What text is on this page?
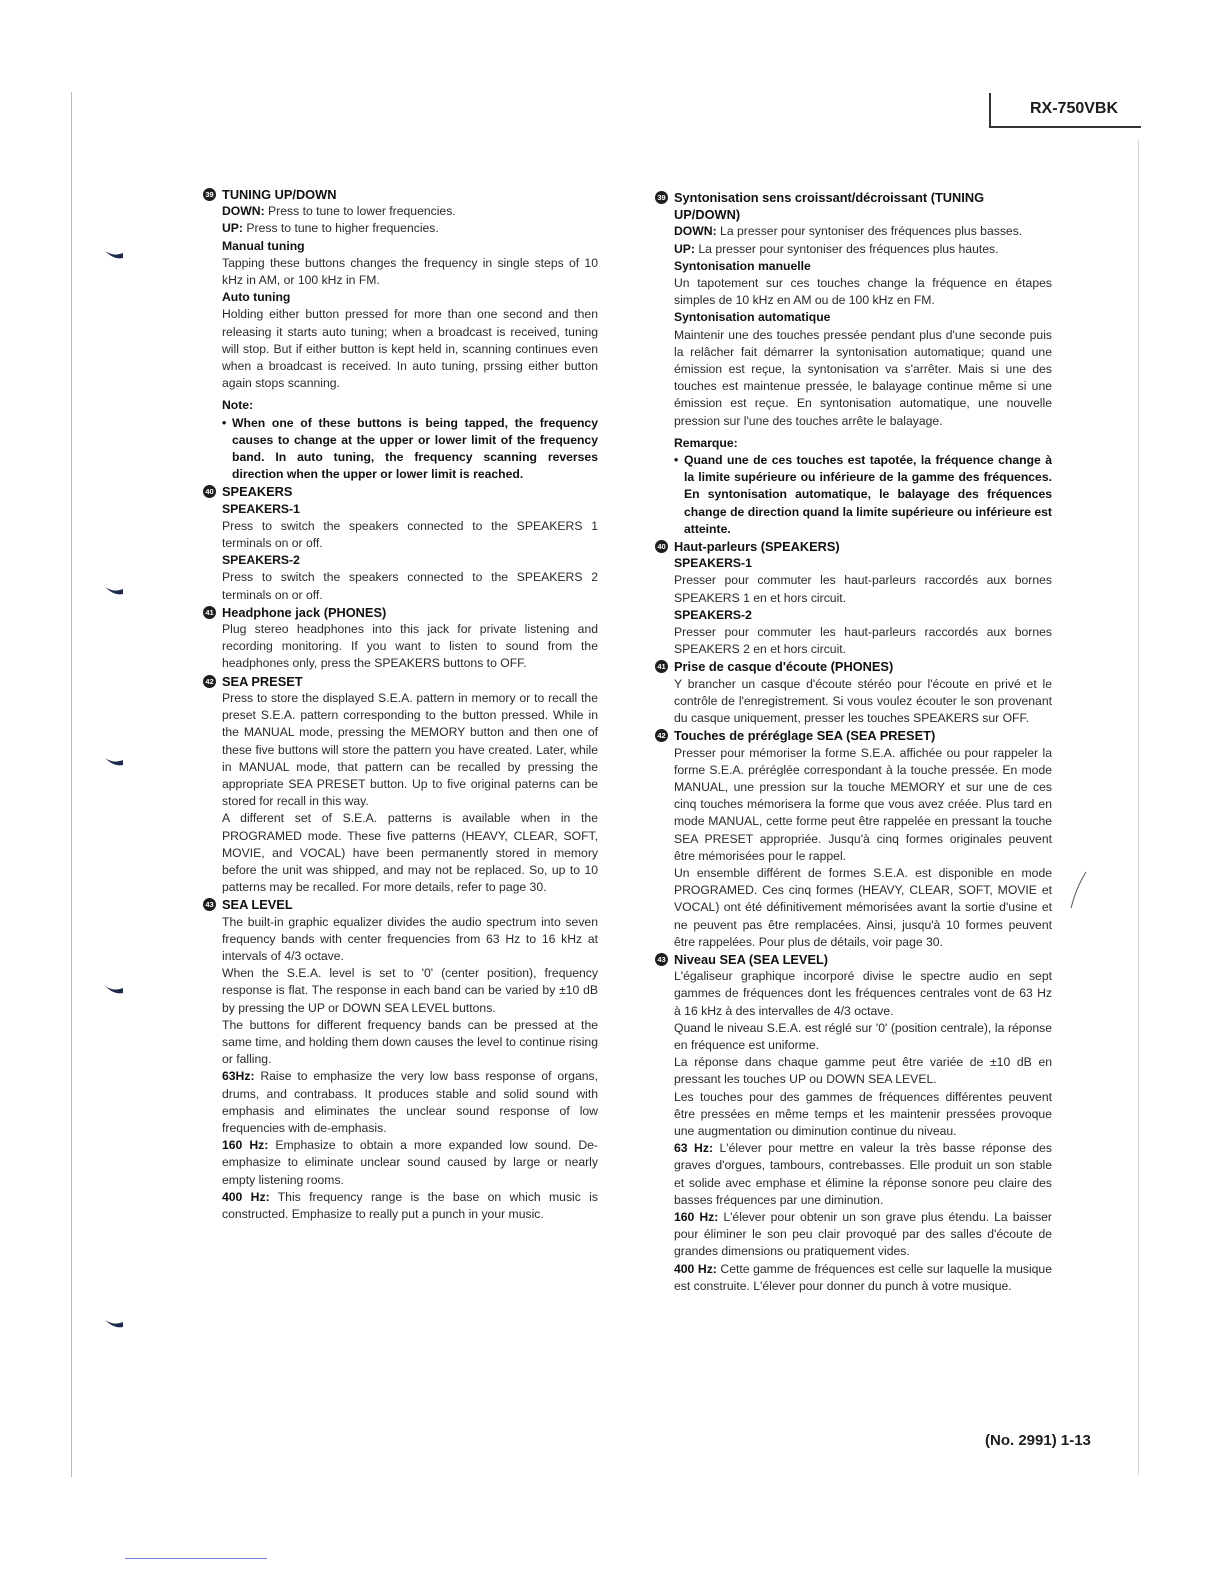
RX-750VBK
39 TUNING UP/DOWN

DOWN: Press to tune to lower frequencies.

UP: Press to tune to higher frequencies.

Manual tuning

Tapping these buttons changes the frequency in single steps of 10 kHz in AM, or 100 kHz in FM.

Auto tuning

Holding either button pressed for more than one second and then releasing it starts auto tuning; when a broadcast is received, tuning will stop. But if either button is kept held in, scanning continues even when a broadcast is received. In auto tuning, prssing either button again stops scanning.

Note:
• When one of these buttons is being tapped, the frequency causes to change at the upper or lower limit of the frequency band. In auto tuning, the frequency scanning reverses direction when the upper or lower limit is reached.
40 SPEAKERS
SPEAKERS-1

Press to switch the speakers connected to the SPEAKERS 1 terminals on or off.

SPEAKERS-2

Press to switch the speakers connected to the SPEAKERS 2 terminals on or off.

41 Headphone jack (PHONES)

Plug stereo headphones into this jack for private listening and recording monitoring. If you want to listen to sound from the headphones only, press the SPEAKERS buttons to OFF.

42 SEA PRESET

Press to store the displayed S.E.A. pattern in memory or to recall the preset S.E.A. pattern corresponding to the button pressed. While in the MANUAL mode, pressing the MEMORY button and then one of these five buttons will store the pattern you have created. Later, while in MANUAL mode, that pattern can be recalled by pressing the appropriate SEA PRESET button. Up to five original paterns can be stored for recall in this way.

A different set of S.E.A. patterns is available when in the PROGRAMED mode. These five patterns (HEAVY, CLEAR, SOFT, MOVIE, and VOCAL) have been permanently stored in memory before the unit was shipped, and may not be replaced. So, up to 10 patterns may be recalled. For more details, refer to page 30.

43 SEA LEVEL

The built-in graphic equalizer divides the audio spectrum into seven frequency bands with center frequencies from 63 Hz to 16 kHz at intervals of 4/3 octave.

When the S.E.A. level is set to '0' (center position), frequency response is flat. The response in each band can be varied by ±10 dB by pressing the UP or DOWN SEA LEVEL buttons.

The buttons for different frequency bands can be pressed at the same time, and holding them down causes the level to continue rising or falling.

63Hz: Raise to emphasize the very low bass response of organs, drums, and contrabass. It produces stable and solid sound with emphasis and eliminates the unclear sound response of low frequencies with de-emphasis.

160 Hz: Emphasize to obtain a more expanded low sound. De-emphasize to eliminate unclear sound caused by large or nearly empty listening rooms.

400 Hz: This frequency range is the base on which music is constructed. Emphasize to really put a punch in your music.

39 Syntonisation sens croissant/décroissant (TUNING UP/DOWN)

DOWN: La presser pour syntoniser des fréquences plus basses.

UP: La presser pour syntoniser des fréquences plus hautes.

Syntonisation manuelle

Un tapotement sur ces touches change la fréquence en étapes simples de 10 kHz en AM ou de 100 kHz en FM.

Syntonisation automatique

Maintenir une des touches pressée pendant plus d'une seconde puis la relâcher fait démarrer la syntonisation automatique; quand une émission est reçue, la syntonisation va s'arrêter. Mais si une des touches est maintenue pressée, le balayage continue même si une émission est reçue. En syntonisation automatique, une nouvelle pression sur l'une des touches arrête le balayage.

Remarque:
• Quand une de ces touches est tapotée, la fréquence change à la limite supérieure ou inférieure de la gamme des fréquences. En syntonisation automatique, le balayage des fréquences change de direction quand la limite supérieure ou inférieure est atteinte.
40 Haut-parleurs (SPEAKERS)
SPEAKERS-1

Presser pour commuter les haut-parleurs raccordés aux bornes SPEAKERS 1 en et hors circuit.

SPEAKERS-2

Presser pour commuter les haut-parleurs raccordés aux bornes SPEAKERS 2 en et hors circuit.

41 Prise de casque d'écoute (PHONES)

Y brancher un casque d'écoute stéréo pour l'écoute en privé et le contrôle de l'enregistrement. Si vous voulez écouter le son provenant du casque uniquement, presser les touches SPEAKERS sur OFF.

42 Touches de préréglage SEA (SEA PRESET)

Presser pour mémoriser la forme S.E.A. affichée ou pour rappeler la forme S.E.A. préréglée correspondant à la touche pressée. En mode MANUAL, une pression sur la touche MEMORY et sur une de ces cinq touches mémorisera la forme que vous avez créée. Plus tard en mode MANUAL, cette forme peut être rappelée en pressant la touche SEA PRESET appropriée. Jusqu'à cinq formes originales peuvent être mémorisées pour le rappel.

Un ensemble différent de formes S.E.A. est disponible en mode PROGRAMED. Ces cinq formes (HEAVY, CLEAR, SOFT, MOVIE et VOCAL) ont été définitivement mémorisées avant la sortie d'usine et ne peuvent pas être remplacées. Ainsi, jusqu'à 10 formes peuvent être rappelées. Pour plus de détails, voir page 30.

43 Niveau SEA (SEA LEVEL)

L'égaliseur graphique incorporé divise le spectre audio en sept gammes de fréquences dont les fréquences centrales vont de 63 Hz à 16 kHz à des intervalles de 4/3 octave.

Quand le niveau S.E.A. est réglé sur '0' (position centrale), la réponse en fréquence est uniforme.

La réponse dans chaque gamme peut être variée de ±10 dB en pressant les touches UP ou DOWN SEA LEVEL.

Les touches pour des gammes de fréquences différentes peuvent être pressées en même temps et les maintenir pressées provoque une augmentation ou diminution continue du niveau.

63 Hz: L'élever pour mettre en valeur la très basse réponse des graves d'orgues, tambours, contrebasses. Elle produit un son stable et solide avec emphase et élimine la réponse sonore peu claire des basses fréquences par une diminution.

160 Hz: L'élever pour obtenir un son grave plus étendu. La baisser pour éliminer le son peu clair provoqué par des salles d'écoute de grandes dimensions ou pratiquement vides.

400 Hz: Cette gamme de fréquences est celle sur laquelle la musique est construite. L'élever pour donner du punch à votre musique.

(No. 2991) 1-13
